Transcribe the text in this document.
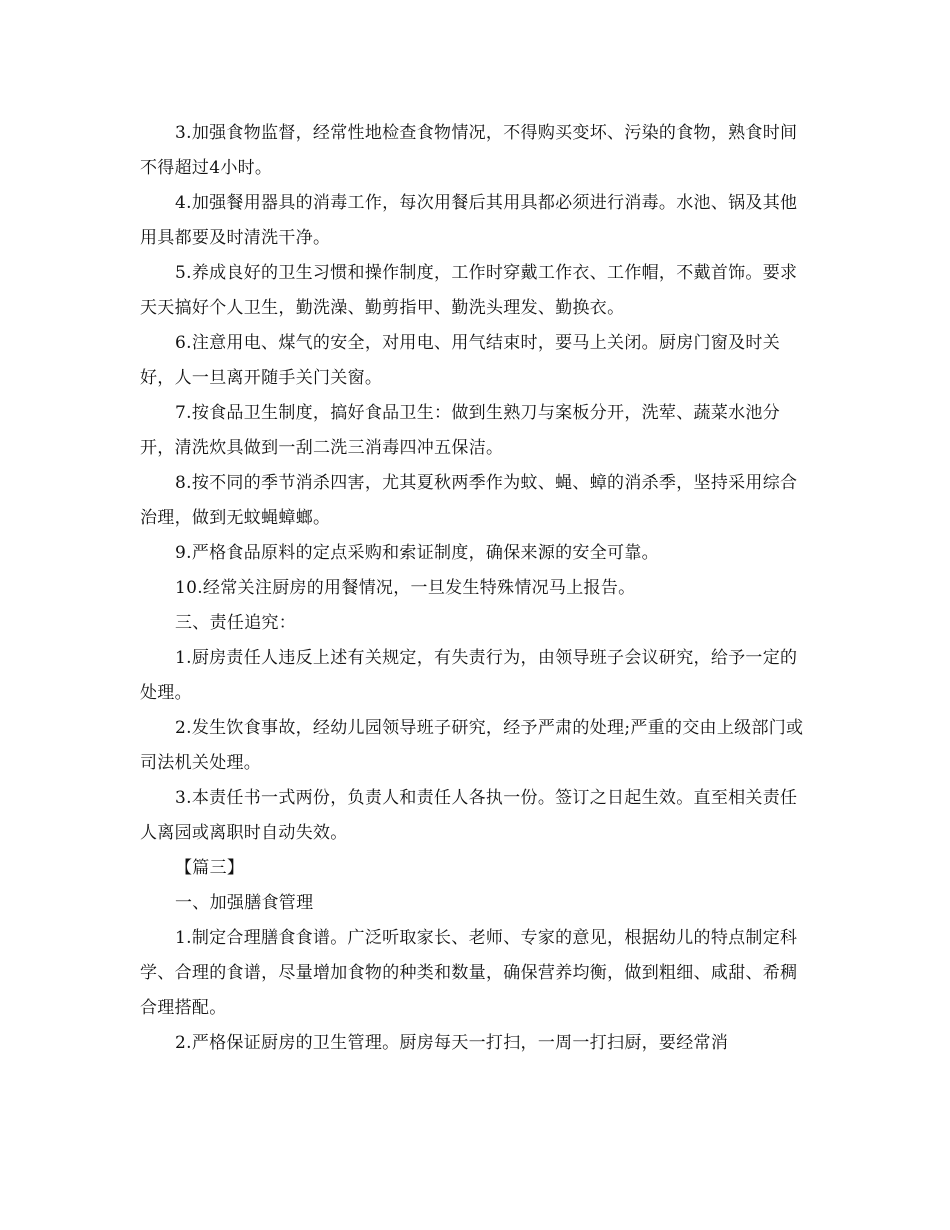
3.加强食物监督，经常性地检查食物情况，不得购买变坏、污染的食物，熟食时间不得超过4小时。

4.加强餐用器具的消毒工作，每次用餐后其用具都必须进行消毒。水池、锅及其他用具都要及时清洗干净。

5.养成良好的卫生习惯和操作制度，工作时穿戴工作衣、工作帽，不戴首饰。要求天天搞好个人卫生，勤洗澡、勤剪指甲、勤洗头理发、勤换衣。

6.注意用电、煤气的安全，对用电、用气结束时，要马上关闭。厨房门窗及时关好，人一旦离开随手关门关窗。

7.按食品卫生制度，搞好食品卫生：做到生熟刀与案板分开，洗荤、蔬菜水池分开，清洗炊具做到一刮二洗三消毒四冲五保洁。

8.按不同的季节消杀四害，尤其夏秋两季作为蚊、蝇、蟑的消杀季，坚持采用综合治理，做到无蚊蝇蟑螂。

9.严格食品原料的定点采购和索证制度，确保来源的安全可靠。

10.经常关注厨房的用餐情况，一旦发生特殊情况马上报告。

三、责任追究：

1.厨房责任人违反上述有关规定，有失责行为，由领导班子会议研究，给予一定的处理。

2.发生饮食事故，经幼儿园领导班子研究，经予严肃的处理;严重的交由上级部门或司法机关处理。

3.本责任书一式两份，负责人和责任人各执一份。签订之日起生效。直至相关责任人离园或离职时自动失效。

【篇三】

一、加强膳食管理

1.制定合理膳食食谱。广泛听取家长、老师、专家的意见，根据幼儿的特点制定科学、合理的食谱，尽量增加食物的种类和数量，确保营养均衡，做到粗细、咸甜、希稠合理搭配。

2.严格保证厨房的卫生管理。厨房每天一打扫，一周一打扫厨，要经常消
